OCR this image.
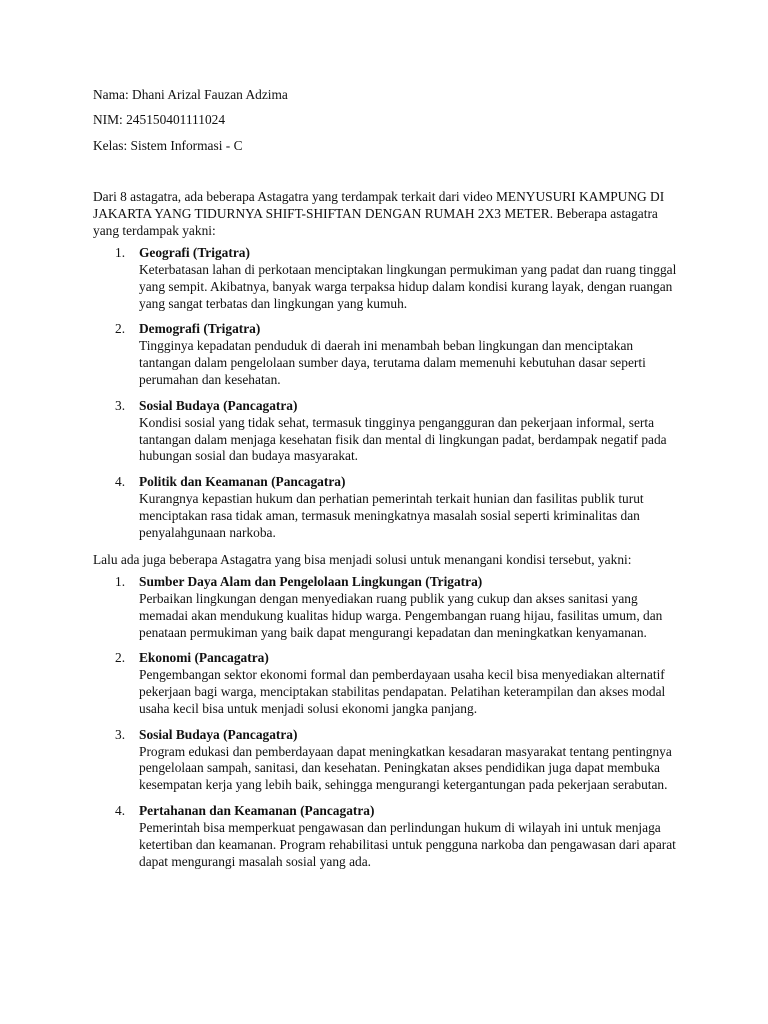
Nama: Dhani Arizal Fauzan Adzima

NIM: 245150401111024

Kelas: Sistem Informasi - C

Dari 8 astagatra, ada beberapa Astagatra yang terdampak terkait dari video MENYUSURI KAMPUNG DI JAKARTA YANG TIDURNYA SHIFT-SHIFTAN DENGAN RUMAH 2X3 METER. Beberapa astagatra yang terdampak yakni:

1. Geografi (Trigatra)
Keterbatasan lahan di perkotaan menciptakan lingkungan permukiman yang padat dan ruang tinggal yang sempit. Akibatnya, banyak warga terpaksa hidup dalam kondisi kurang layak, dengan ruangan yang sangat terbatas dan lingkungan yang kumuh.
2. Demografi (Trigatra)
Tingginya kepadatan penduduk di daerah ini menambah beban lingkungan dan menciptakan tantangan dalam pengelolaan sumber daya, terutama dalam memenuhi kebutuhan dasar seperti perumahan dan kesehatan.
3. Sosial Budaya (Pancagatra)
Kondisi sosial yang tidak sehat, termasuk tingginya pengangguran dan pekerjaan informal, serta tantangan dalam menjaga kesehatan fisik dan mental di lingkungan padat, berdampak negatif pada hubungan sosial dan budaya masyarakat.
4. Politik dan Keamanan (Pancagatra)
Kurangnya kepastian hukum dan perhatian pemerintah terkait hunian dan fasilitas publik turut menciptakan rasa tidak aman, termasuk meningkatnya masalah sosial seperti kriminalitas dan penyalahgunaan narkoba.

Lalu ada juga beberapa Astagatra yang bisa menjadi solusi untuk menangani kondisi tersebut, yakni:

1. Sumber Daya Alam dan Pengelolaan Lingkungan (Trigatra)
Perbaikan lingkungan dengan menyediakan ruang publik yang cukup dan akses sanitasi yang memadai akan mendukung kualitas hidup warga. Pengembangan ruang hijau, fasilitas umum, dan penataan permukiman yang baik dapat mengurangi kepadatan dan meningkatkan kenyamanan.
2. Ekonomi (Pancagatra)
Pengembangan sektor ekonomi formal dan pemberdayaan usaha kecil bisa menyediakan alternatif pekerjaan bagi warga, menciptakan stabilitas pendapatan. Pelatihan keterampilan dan akses modal usaha kecil bisa untuk menjadi solusi ekonomi jangka panjang.
3. Sosial Budaya (Pancagatra)
Program edukasi dan pemberdayaan dapat meningkatkan kesadaran masyarakat tentang pentingnya pengelolaan sampah, sanitasi, dan kesehatan. Peningkatan akses pendidikan juga dapat membuka kesempatan kerja yang lebih baik, sehingga mengurangi ketergantungan pada pekerjaan serabutan.
4. Pertahanan dan Keamanan (Pancagatra)
Pemerintah bisa memperkuat pengawasan dan perlindungan hukum di wilayah ini untuk menjaga ketertiban dan keamanan. Program rehabilitasi untuk pengguna narkoba dan pengawasan dari aparat dapat mengurangi masalah sosial yang ada.
